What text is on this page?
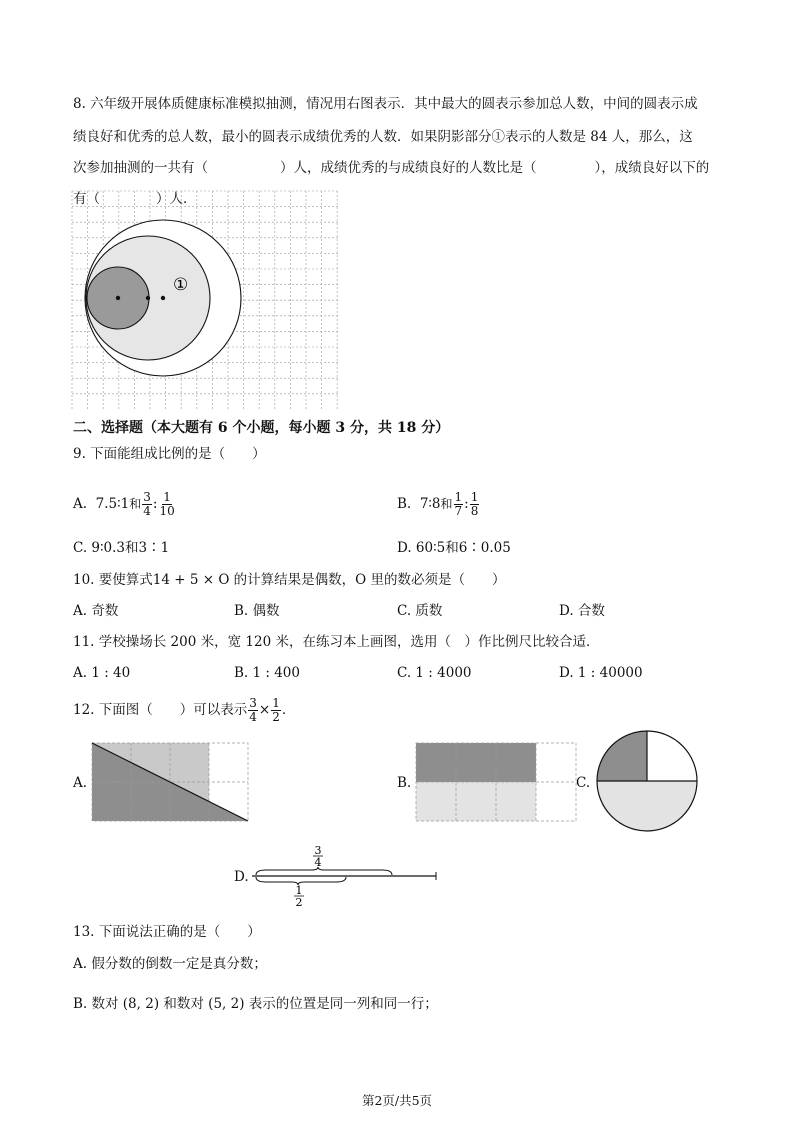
8. 六年级开展体质健康标准模拟抽测，情况用右图表示．其中最大的圆表示参加总人数，中间的圆表示成
绩良好和优秀的总人数，最小的圆表示成绩优秀的人数．如果阴影部分①表示的人数是 84 人，那么，这
次参加抽测的一共有（	）人，成绩优秀的与成绩良好的人数比是（	），成绩良好以下的
有（	）人．
①
二、选择题（本大题有 6 个小题，每小题 3 分，共 18 分）
9. 下面能组成比例的是（　　）
A.
7.5∶1 和 $\frac{3}{4}$ : $\frac{1}{10}$	B.
7∶8 和 $\frac{1}{7}$ : $\frac{1}{8}$
C. 9∶0.3和3∶1	D. 60∶5和6∶0.05
10. 要使算式14 + 5 × O 的计算结果是偶数，O 里的数必须是（　　）
A. 奇数	B. 偶数	C. 质数	D. 合数
11. 学校操场长 200 米，宽 120 米，在练习本上画图，选用（　）作比例尺比较合适．
A. 1 : 40	B. 1 : 400	C. 1 : 4000	D. 1 : 40000
12. 下面图（　　）可以表示 $\frac{3}{4} \times \frac{1}{2}$ ．
A.	B.	C.
D.
3
4
1
2
13. 下面说法正确的是（　　）
A. 假分数的倒数一定是真分数；
B. 数对 (8, 2) 和数对 (5, 2) 表示的位置是同一列和同一行；
第2页/共5页
